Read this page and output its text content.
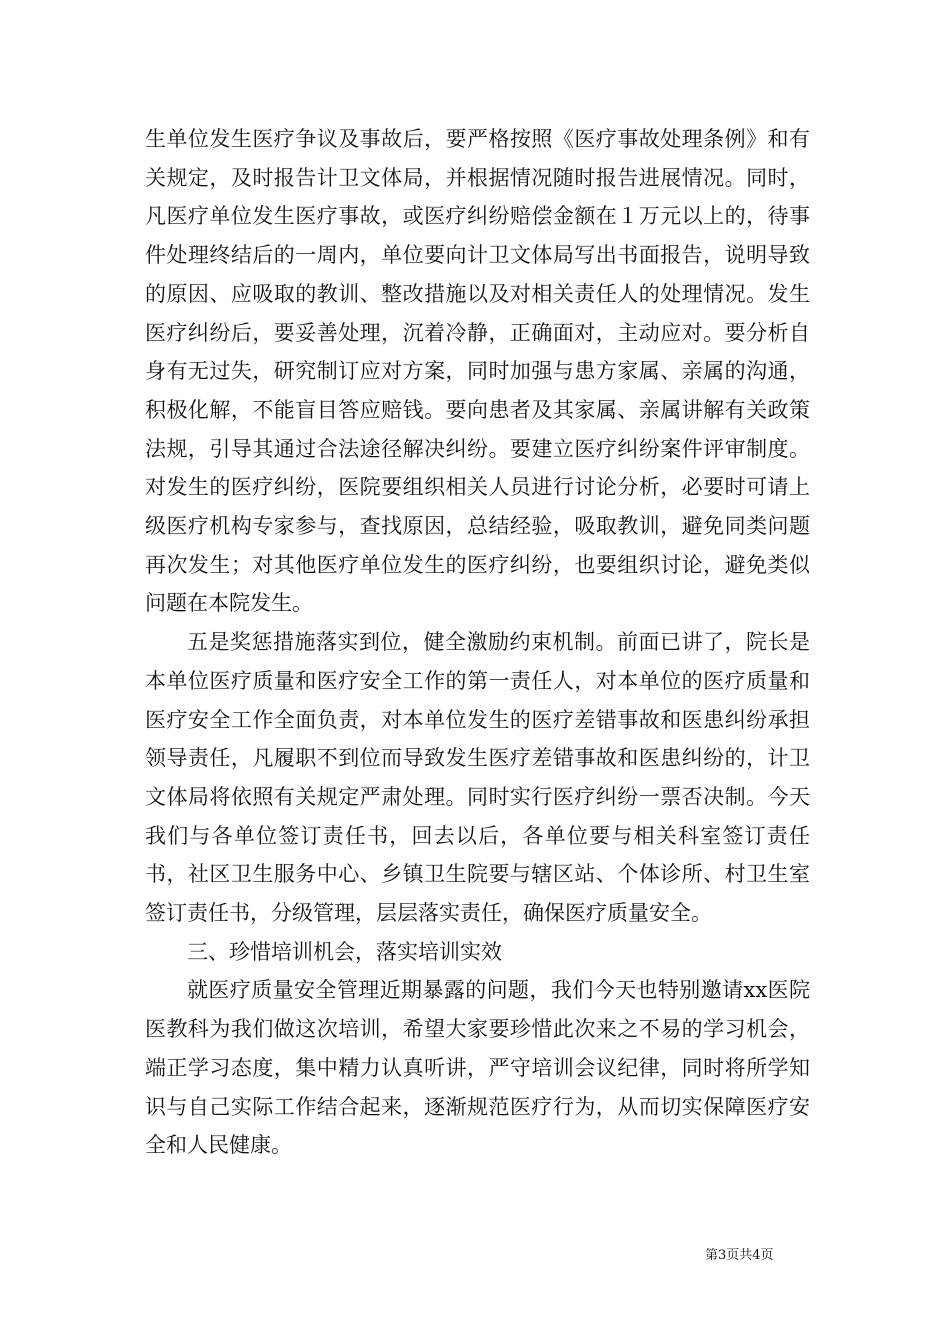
生单位发生医疗争议及事故后，要严格按照《医疗事故处理条例》和有关规定，及时报告计卫文体局，并根据情况随时报告进展情况。同时，凡医疗单位发生医疗事故，或医疗纠纷赔偿金额在１万元以上的，待事件处理终结后的一周内，单位要向计卫文体局写出书面报告，说明导致的原因、应吸取的教训、整改措施以及对相关责任人的处理情况。发生医疗纠纷后，要妥善处理，沉着冷静，正确面对，主动应对。要分析自身有无过失，研究制订应对方案，同时加强与患方家属、亲属的沟通，积极化解，不能盲目答应赔钱。要向患者及其家属、亲属讲解有关政策法规，引导其通过合法途径解决纠纷。要建立医疗纠纷案件评审制度。对发生的医疗纠纷，医院要组织相关人员进行讨论分析，必要时可请上级医疗机构专家参与，查找原因，总结经验，吸取教训，避免同类问题再次发生；对其他医疗单位发生的医疗纠纷，也要组织讨论，避免类似问题在本院发生。

五是奖惩措施落实到位，健全激励约束机制。前面已讲了，院长是本单位医疗质量和医疗安全工作的第一责任人，对本单位的医疗质量和医疗安全工作全面负责，对本单位发生的医疗差错事故和医患纠纷承担领导责任，凡履职不到位而导致发生医疗差错事故和医患纠纷的，计卫文体局将依照有关规定严肃处理。同时实行医疗纠纷一票否决制。今天我们与各单位签订责任书，回去以后，各单位要与相关科室签订责任书，社区卫生服务中心、乡镇卫生院要与辖区站、个体诊所、村卫生室签订责任书，分级管理，层层落实责任，确保医疗质量安全。

三、珍惜培训机会，落实培训实效

就医疗质量安全管理近期暴露的问题，我们今天也特别邀请xx医院医教科为我们做这次培训，希望大家要珍惜此次来之不易的学习机会，端正学习态度，集中精力认真听讲，严守培训会议纪律，同时将所学知识与自己实际工作结合起来，逐渐规范医疗行为，从而切实保障医疗安全和人民健康。

第3页共4页
